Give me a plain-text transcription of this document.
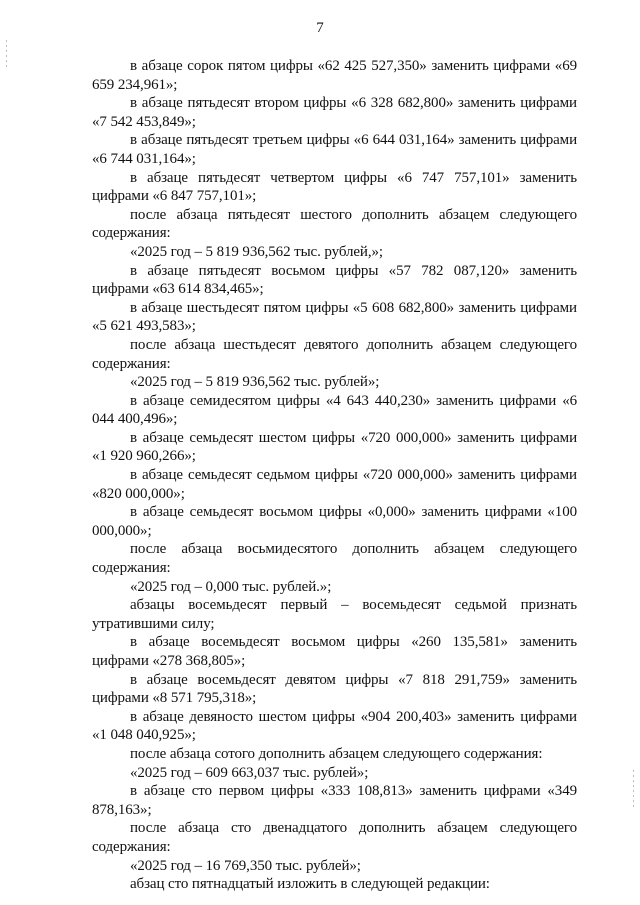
7

в абзаце сорок пятом цифры «62 425 527,350» заменить цифрами «69 659 234,961»;

в абзаце пятьдесят втором цифры «6 328 682,800» заменить цифрами «7 542 453,849»;

в абзаце пятьдесят третьем цифры «6 644 031,164» заменить цифрами «6 744 031,164»;

в абзаце пятьдесят четвертом цифры «6 747 757,101» заменить цифрами «6 847 757,101»;

после абзаца пятьдесят шестого дополнить абзацем следующего содержания:

«2025 год – 5 819 936,562 тыс. рублей,»;

в абзаце пятьдесят восьмом цифры «57 782 087,120» заменить цифрами «63 614 834,465»;

в абзаце шестьдесят пятом цифры «5 608 682,800» заменить цифрами «5 621 493,583»;

после абзаца шестьдесят девятого дополнить абзацем следующего содержания:

«2025 год – 5 819 936,562 тыс. рублей»;

в абзаце семидесятом цифры «4 643 440,230» заменить цифрами «6 044 400,496»;

в абзаце семьдесят шестом цифры «720 000,000» заменить цифрами «1 920 960,266»;

в абзаце семьдесят седьмом цифры «720 000,000» заменить цифрами «820 000,000»;

в абзаце семьдесят восьмом цифры «0,000» заменить цифрами «100 000,000»;

после абзаца восьмидесятого дополнить абзацем следующего содержания:

«2025 год – 0,000 тыс. рублей.»;

абзацы восемьдесят первый – восемьдесят седьмой признать утратившими силу;

в абзаце восемьдесят восьмом цифры «260 135,581» заменить цифрами «278 368,805»;

в абзаце восемьдесят девятом цифры «7 818 291,759» заменить цифрами «8 571 795,318»;

в абзаце девяносто шестом цифры «904 200,403» заменить цифрами «1 048 040,925»;

после абзаца сотого дополнить абзацем следующего содержания:

«2025 год – 609 663,037 тыс. рублей»;

в абзаце сто первом цифры «333 108,813» заменить цифрами «349 878,163»;

после абзаца сто двенадцатого дополнить абзацем следующего содержания:

«2025 год – 16 769,350 тыс. рублей»;

абзац сто пятнадцатый изложить в следующей редакции:
